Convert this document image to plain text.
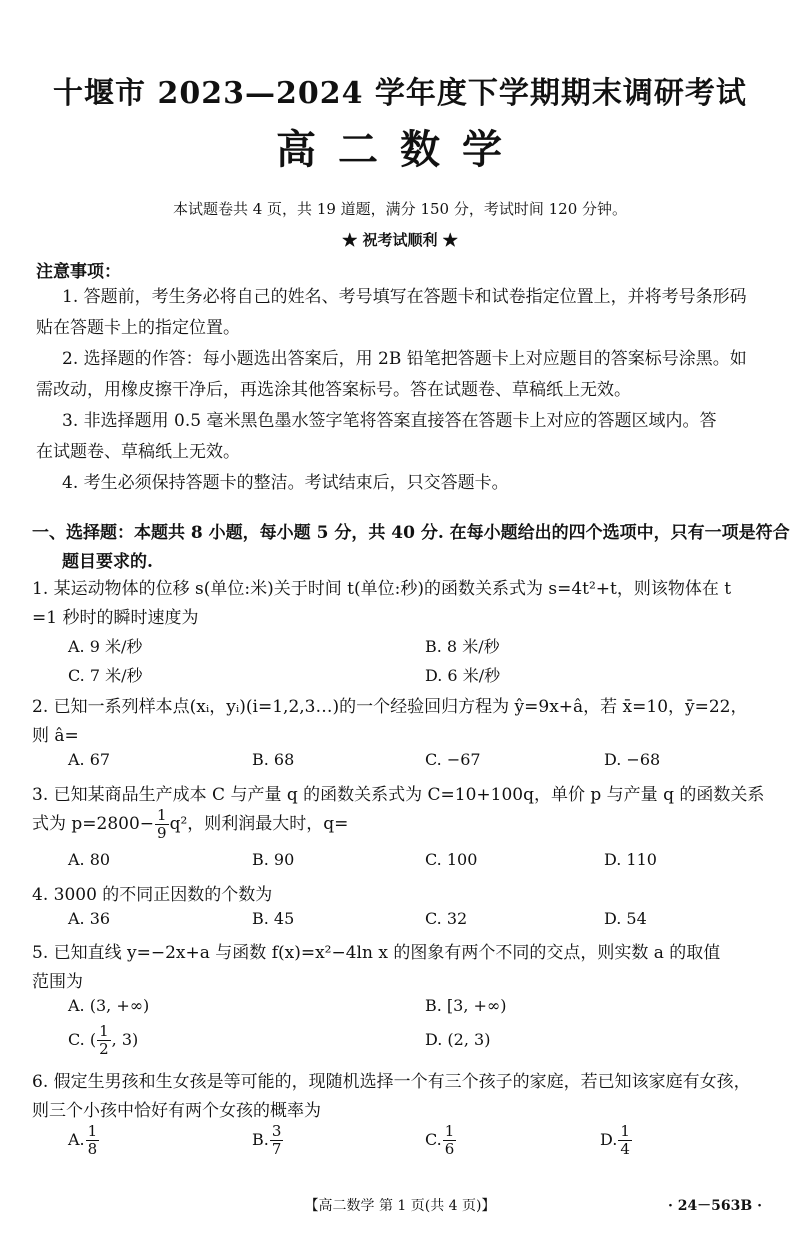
十堰市 2023—2024 学年度下学期期末调研考试
高二数学
本试题卷共 4 页，共 19 道题，满分 150 分，考试时间 120 分钟。
★ 祝考试顺利 ★
注意事项：
1. 答题前，考生务必将自己的姓名、考号填写在答题卡和试卷指定位置上，并将考号条形码
贴在答题卡上的指定位置。
2. 选择题的作答：每小题选出答案后，用 2B 铅笔把答题卡上对应题目的答案标号涂黑。如
需改动，用橡皮擦干净后，再选涂其他答案标号。答在试题卷、草稿纸上无效。
3. 非选择题用 0.5 毫米黑色墨水签字笔将答案直接答在答题卡上对应的答题区域内。答
在试题卷、草稿纸上无效。
4. 考生必须保持答题卡的整洁。考试结束后，只交答题卡。
一、选择题：本题共 8 小题，每小题 5 分，共 40 分. 在每小题给出的四个选项中，只有一项是符合
题目要求的.
1. 某运动物体的位移 s(单位:米)关于时间 t(单位:秒)的函数关系式为 s=4t²+t，则该物体在 t
=1 秒时的瞬时速度为
A. 9 米/秒	B. 8 米/秒
C. 7 米/秒	D. 6 米/秒
2. 已知一系列样本点(xᵢ，yᵢ)(i=1,2,3…)的一个经验回归方程为 ŷ=9x+â，若 x̄=10，ȳ=22，
则 â=
A. 67	B. 68	C. −67	D. −68
3. 已知某商品生产成本 C 与产量 q 的函数关系式为 C=10+100q，单价 p 与产量 q 的函数关系
式为 $p=2800- \frac{1}{9} q^2$，则利润最大时，q=
A. 80	B. 90	C. 100	D. 110
4. 3000 的不同正因数的个数为
A. 36	B. 45	C. 32	D. 54
5. 已知直线 y=−2x+a 与函数 f(x)=x²−4ln x 的图象有两个不同的交点，则实数 a 的取值
范围为
A. (3, +∞)	B. [3, +∞)
C. ( $\frac{1}{2}$ , 3)	D. (2, 3)
6. 假定生男孩和生女孩是等可能的，现随机选择一个有三个孩子的家庭，若已知该家庭有女孩，
则三个小孩中恰好有两个女孩的概率为
A. $\frac{1}{8}$	B. $\frac{3}{7}$	C. $\frac{1}{6}$	D. $\frac{1}{4}$
【高二数学 第 1 页(共 4 页)】	· 24－563B ·
